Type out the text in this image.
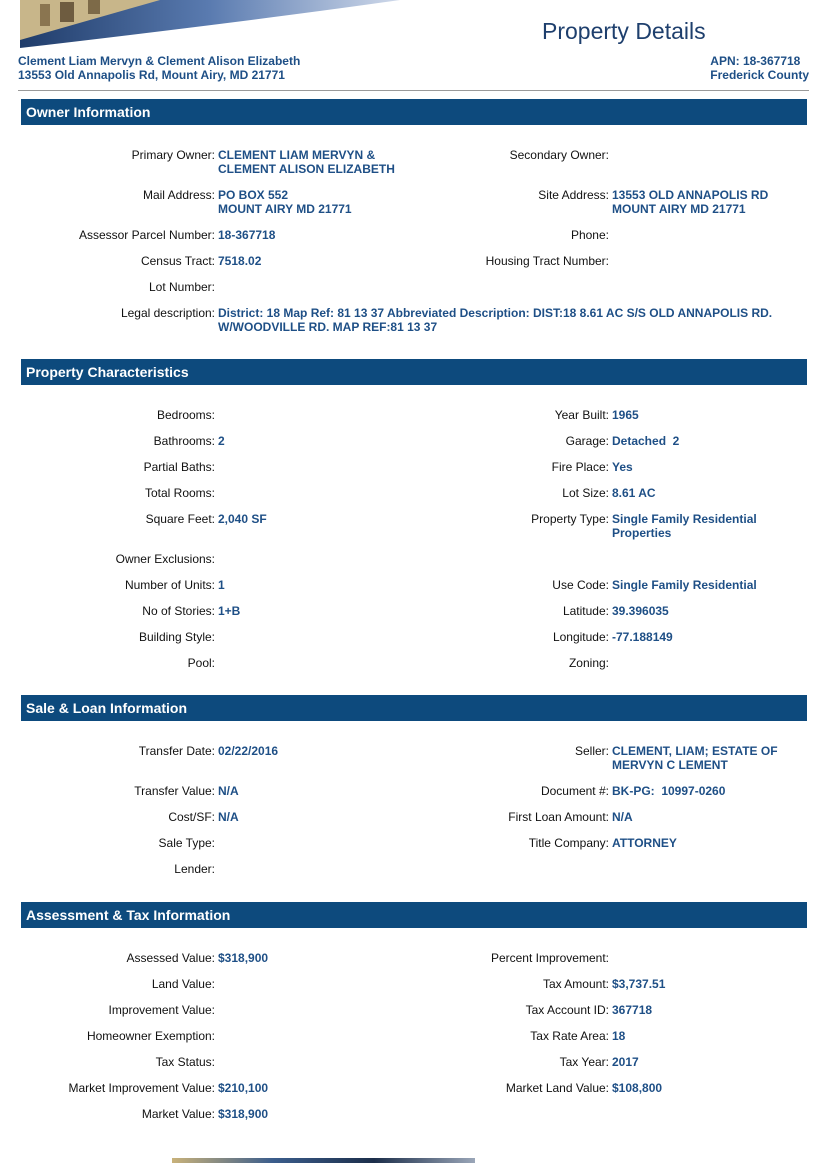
Property Details
Clement Liam Mervyn & Clement Alison Elizabeth
13553 Old Annapolis Rd, Mount Airy, MD 21771
APN: 18-367718
Frederick County
Owner Information
Primary Owner: CLEMENT LIAM MERVYN &
CLEMENT ALISON ELIZABETH
Secondary Owner:
Mail Address: PO BOX 552
MOUNT AIRY MD 21771
Site Address: 13553 OLD ANNAPOLIS RD
MOUNT AIRY MD 21771
Assessor Parcel Number: 18-367718	Phone:
Census Tract: 7518.02	Housing Tract Number:
Lot Number:
Legal description: District: 18 Map Ref: 81 13 37 Abbreviated Description: DIST:18 8.61 AC S/S OLD ANNAPOLIS RD.
W/WOODVILLE RD. MAP REF:81 13 37
Property Characteristics
Bedrooms:	Year Built: 1965
Bathrooms: 2	Garage: Detached  2
Partial Baths:	Fire Place: Yes
Total Rooms:	Lot Size: 8.61 AC
Square Feet: 2,040 SF	Property Type: Single Family Residential
Properties
Owner Exclusions:
Number of Units: 1	Use Code: Single Family Residential
No of Stories: 1+B	Latitude: 39.396035
Building Style:	Longitude: -77.188149
Pool:	Zoning:
Sale & Loan Information
Transfer Date: 02/22/2016	Seller: CLEMENT, LIAM; ESTATE OF
MERVYN C LEMENT
Transfer Value: N/A	Document #: BK-PG:  10997-0260
Cost/SF: N/A	First Loan Amount: N/A
Sale Type:	Title Company: ATTORNEY
Lender:
Assessment & Tax Information
Assessed Value: $318,900	Percent Improvement:
Land Value:	Tax Amount: $3,737.51
Improvement Value:	Tax Account ID: 367718
Homeowner Exemption:	Tax Rate Area: 18
Tax Status:	Tax Year: 2017
Market Improvement Value: $210,100	Market Land Value: $108,800
Market Value: $318,900
